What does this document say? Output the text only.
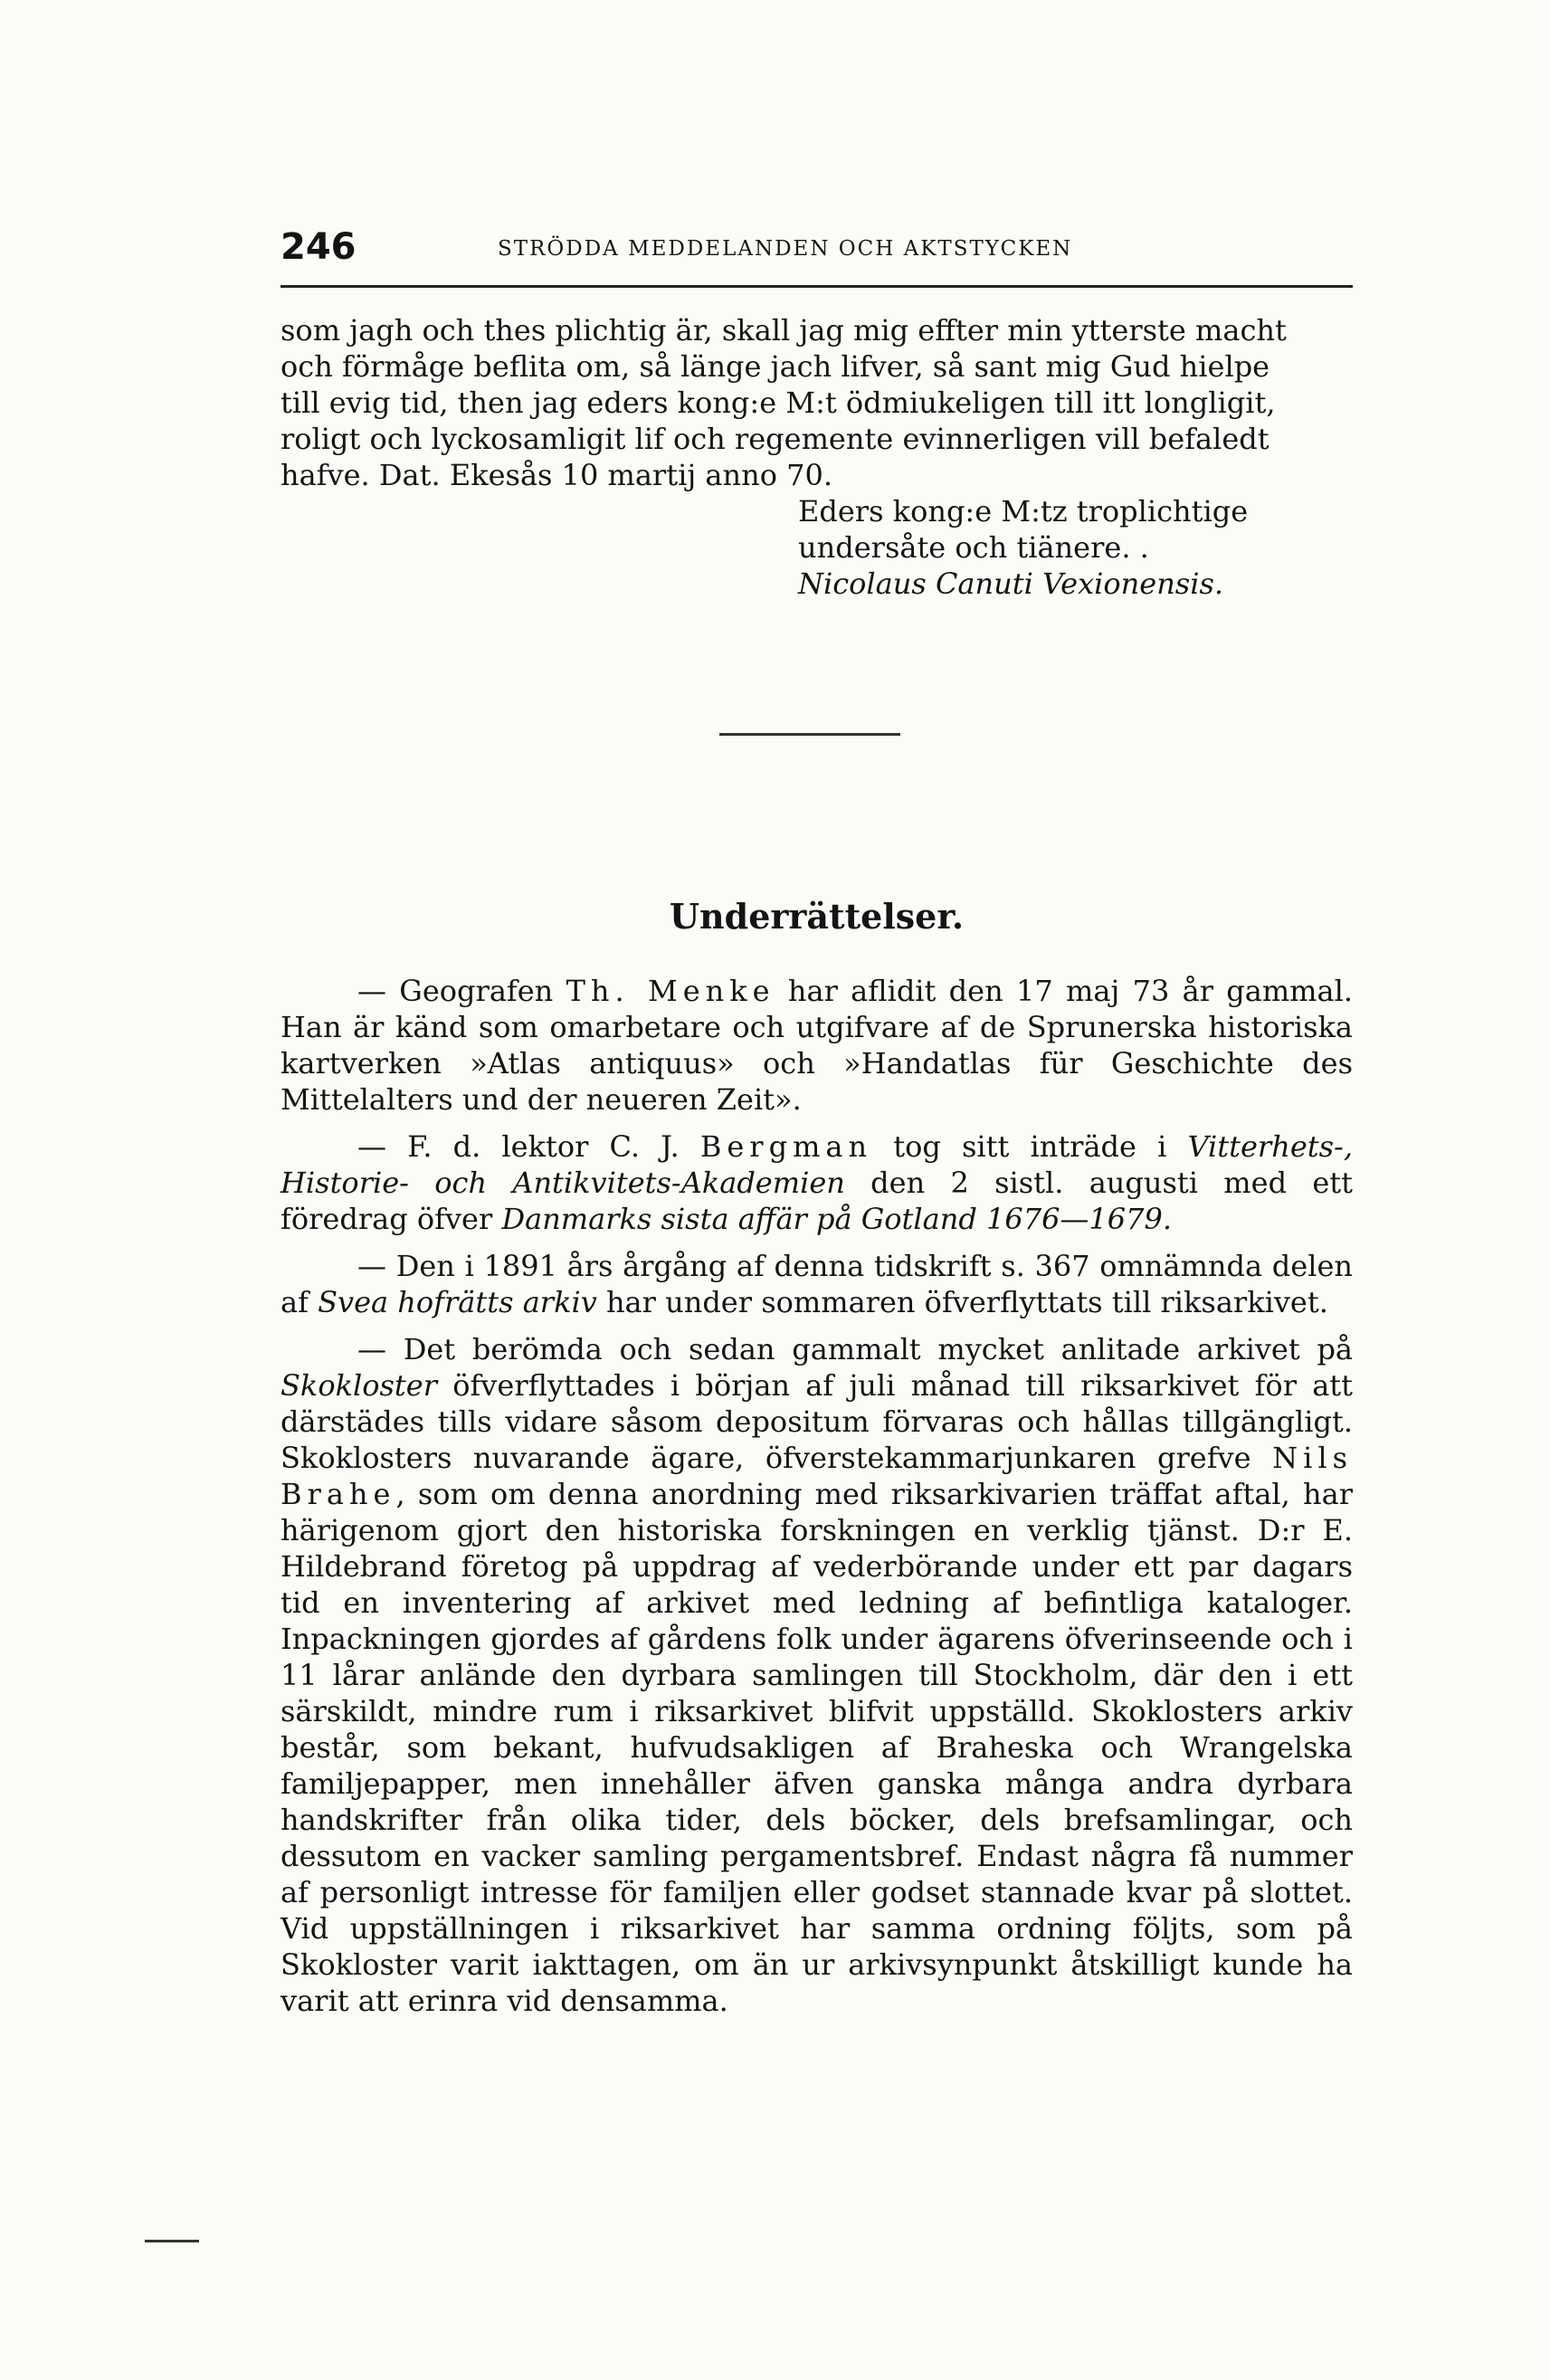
246	STRÖDDA MEDDELANDEN OCH AKTSTYCKEN

som jagh och thes plichtig är, skall jag mig effter min ytterste macht

och förmåge beflita om, så länge jach lifver, så sant mig Gud hielpe

till evig tid, then jag eders kong:e M:t ödmiukeligen till itt longligit,

roligt och lyckosamligit lif och regemente evinnerligen vill befaledt

hafve. Dat. Ekesås 10 martij anno 70.

Eders kong:e M:tz troplichtige
undersåte och tiänere. .
Nicolaus Canuti Vexionensis.
Underrättelser.

— Geografen Th. Menke har aflidit den 17 maj 73 år gammal. Han är känd som omarbetare och utgifvare af de Sprunerska historiska kartverken »Atlas antiquus» och »Handatlas für Geschichte des Mittelalters und der neueren Zeit».

— F. d. lektor C. J. Bergman tog sitt inträde i Vitterhets-, Historie- och Antikvitets-Akademien den 2 sistl. augusti med ett föredrag öfver Danmarks sista affär på Gotland 1676—1679.

— Den i 1891 års årgång af denna tidskrift s. 367 omnämnda delen af Svea hofrätts arkiv har under sommaren öfverflyttats till riksarkivet.

— Det berömda och sedan gammalt mycket anlitade arkivet på Skokloster öfverflyttades i början af juli månad till riksarkivet för att därstädes tills vidare såsom depositum förvaras och hållas tillgängligt. Skoklosters nuvarande ägare, öfverstekammarjunkaren grefve Nils Brahe, som om denna anordning med riksarkivarien träffat aftal, har härigenom gjort den historiska forskningen en verklig tjänst. D:r E. Hildebrand företog på uppdrag af vederbörande under ett par dagars tid en inventering af arkivet med ledning af befintliga kataloger. Inpackningen gjordes af gårdens folk under ägarens öfverinseende och i 11 lårar anlände den dyrbara samlingen till Stockholm, där den i ett särskildt, mindre rum i riksarkivet blifvit uppställd. Skoklosters arkiv består, som bekant, hufvudsakligen af Braheska och Wrangelska familjepapper, men innehåller äfven ganska många andra dyrbara handskrifter från olika tider, dels böcker, dels brefsamlingar, och dessutom en vacker samling pergamentsbref. Endast några få nummer af personligt intresse för familjen eller godset stannade kvar på slottet. Vid uppställningen i riksarkivet har samma ordning följts, som på Skokloster varit iakttagen, om än ur arkivsynpunkt åtskilligt kunde ha varit att erinra vid densamma.
